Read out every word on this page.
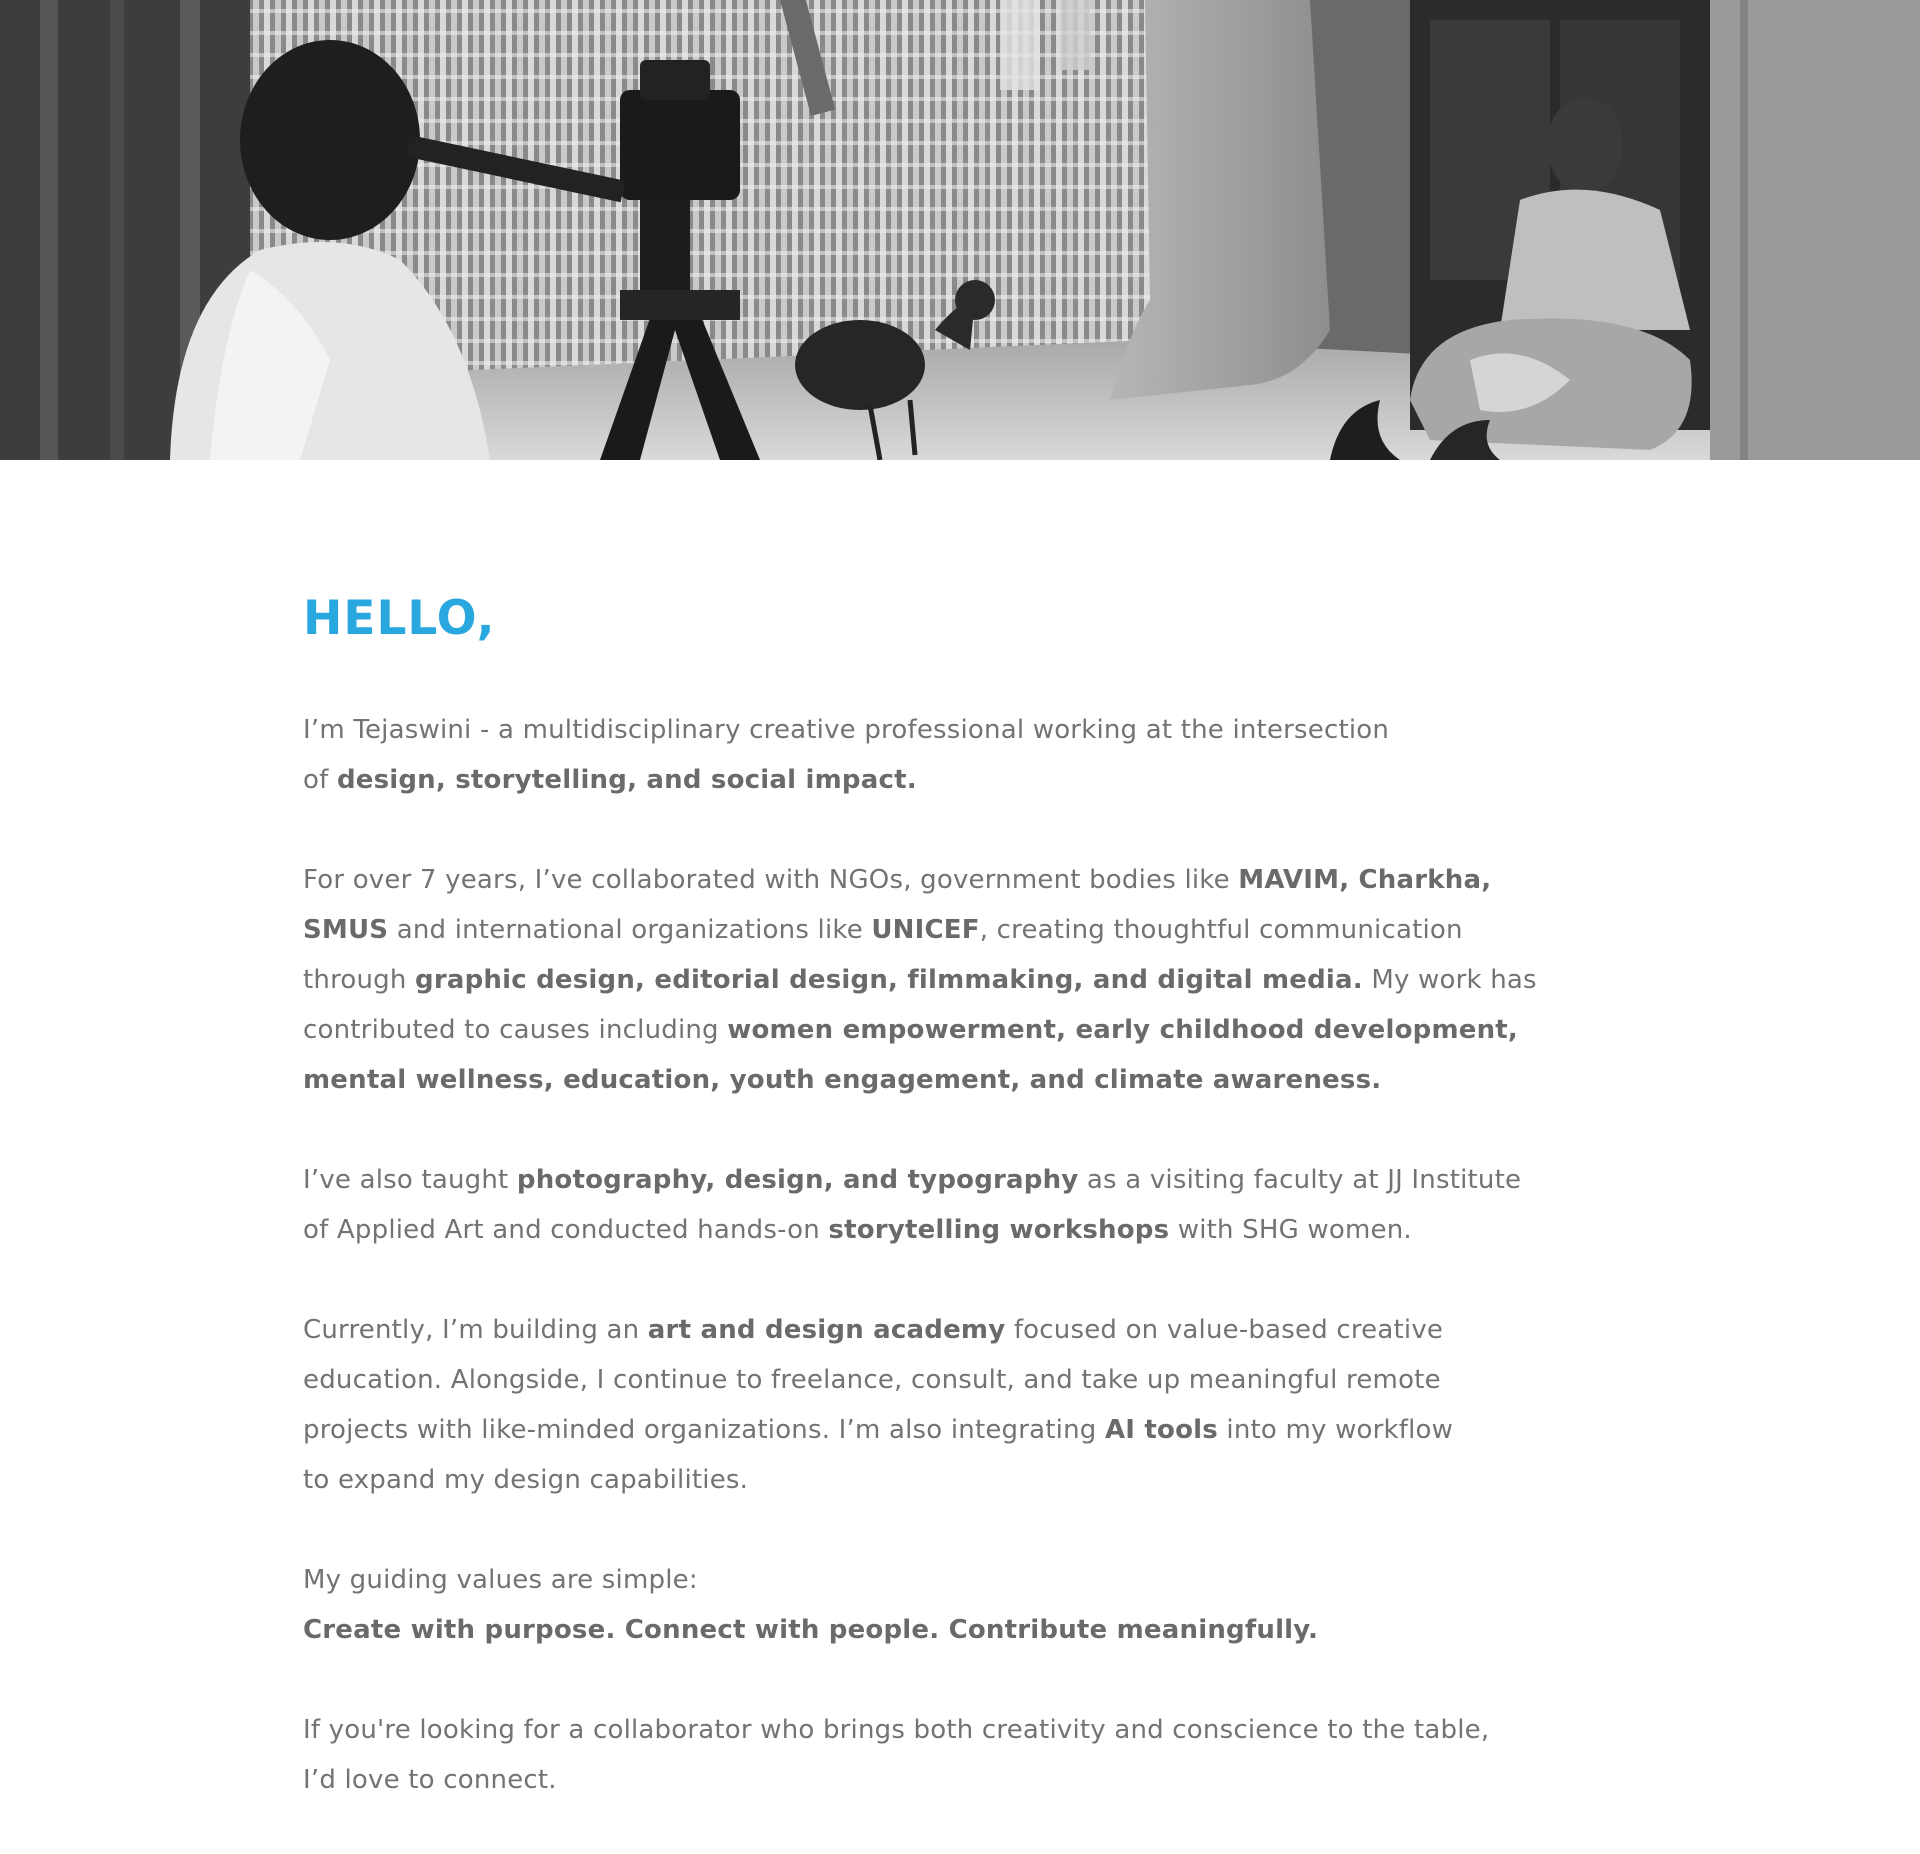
HELLO,

I’m Tejaswini - a multidisciplinary creative professional working at the intersection
of design, storytelling, and social impact.

For over 7 years, I’ve collaborated with NGOs, government bodies like MAVIM, Charkha,
SMUS and international organizations like UNICEF, creating thoughtful communication
through graphic design, editorial design, filmmaking, and digital media. My work has
contributed to causes including women empowerment, early childhood development,
mental wellness, education, youth engagement, and climate awareness.

I’ve also taught photography, design, and typography as a visiting faculty at JJ Institute
of Applied Art and conducted hands-on storytelling workshops with SHG women.

Currently, I’m building an art and design academy focused on value-based creative
education. Alongside, I continue to freelance, consult, and take up meaningful remote
projects with like-minded organizations. I’m also integrating AI tools into my workflow
to expand my design capabilities.

My guiding values are simple:
Create with purpose. Connect with people. Contribute meaningfully.

If you're looking for a collaborator who brings both creativity and conscience to the table,
I’d love to connect.
